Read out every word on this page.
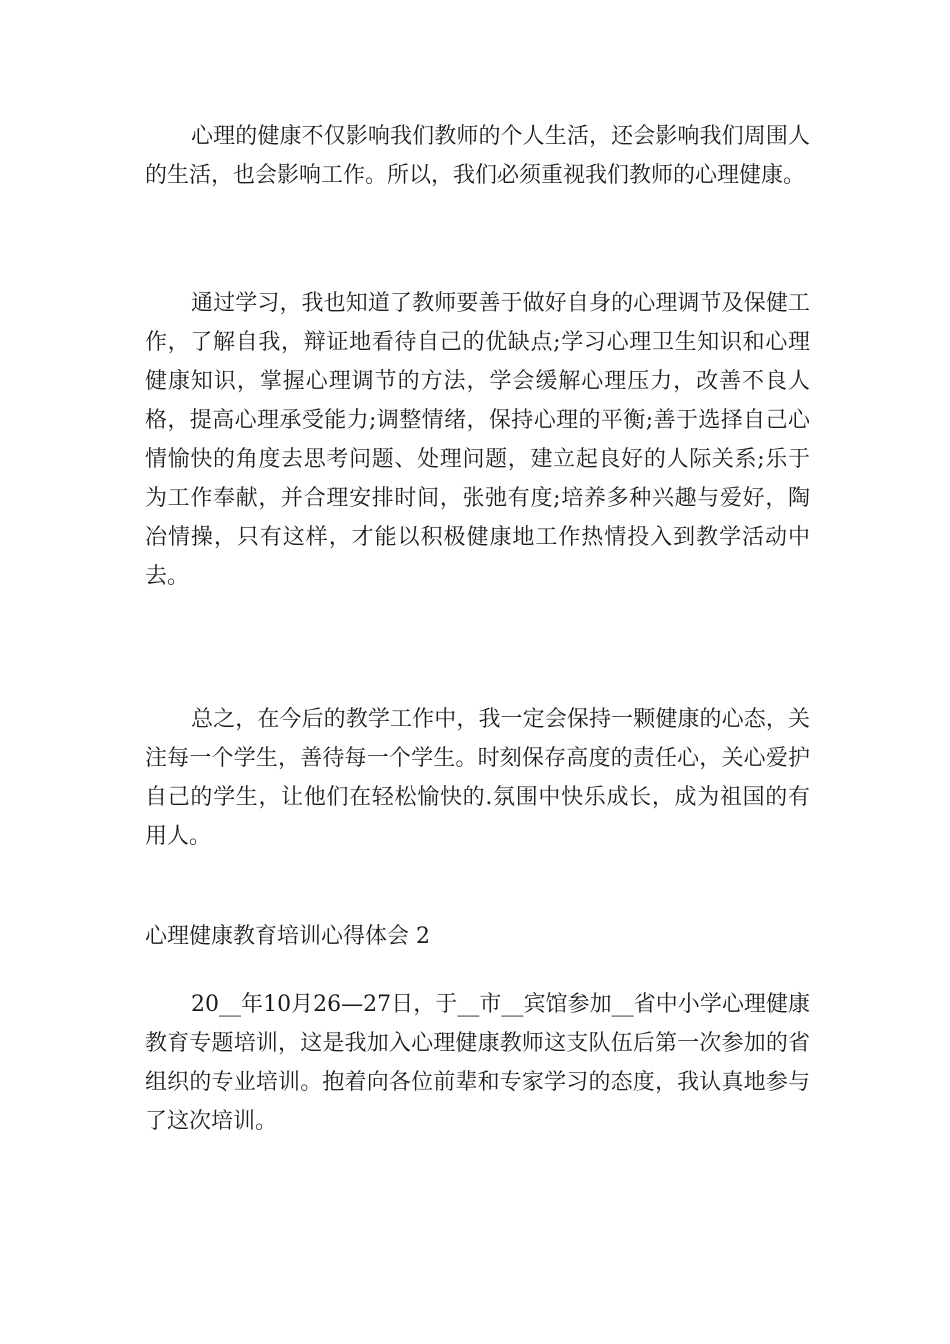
心理的健康不仅影响我们教师的个人生活，还会影响我们周围人的生活，也会影响工作。所以，我们必须重视我们教师的心理健康。

通过学习，我也知道了教师要善于做好自身的心理调节及保健工作，了解自我，辩证地看待自己的优缺点;学习心理卫生知识和心理健康知识，掌握心理调节的方法，学会缓解心理压力，改善不良人格，提高心理承受能力;调整情绪，保持心理的平衡;善于选择自己心情愉快的角度去思考问题、处理问题，建立起良好的人际关系;乐于为工作奉献，并合理安排时间，张弛有度;培养多种兴趣与爱好，陶冶情操，只有这样，才能以积极健康地工作热情投入到教学活动中去。

总之，在今后的教学工作中，我一定会保持一颗健康的心态，关注每一个学生，善待每一个学生。时刻保存高度的责任心，关心爱护自己的学生，让他们在轻松愉快的.氛围中快乐成长，成为祖国的有用人。

心理健康教育培训心得体会 2

20__年10月26—27日，于__市__宾馆参加__省中小学心理健康教育专题培训，这是我加入心理健康教师这支队伍后第一次参加的省组织的专业培训。抱着向各位前辈和专家学习的态度，我认真地参与了这次培训。
